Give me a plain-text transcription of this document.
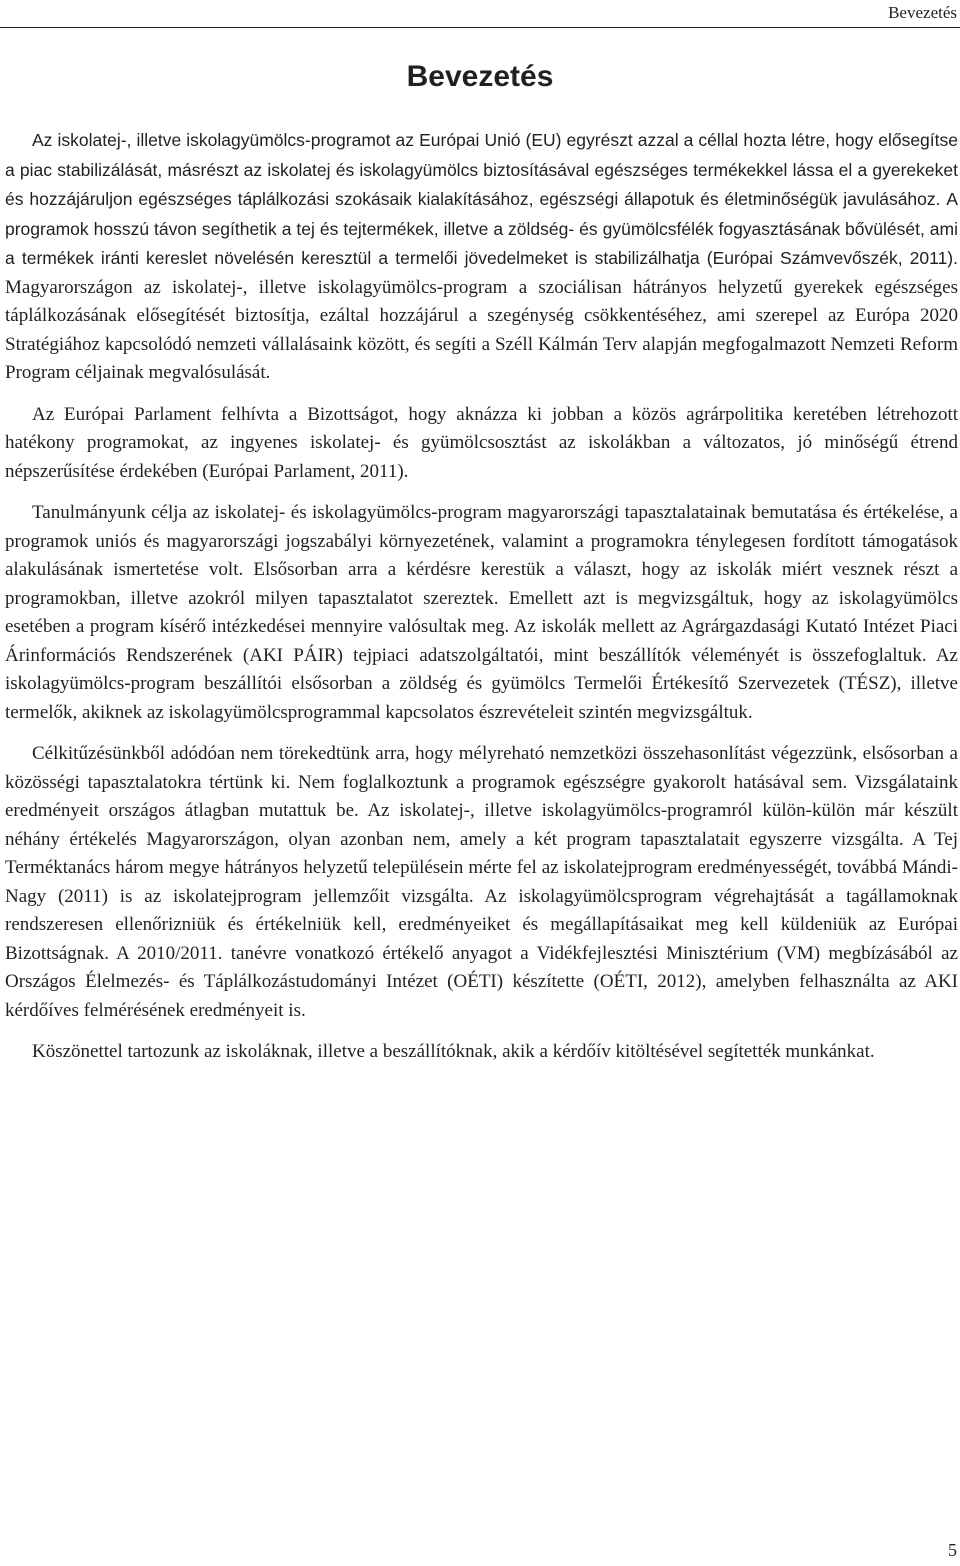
Bevezetés
Bevezetés

Az iskolatej-, illetve iskolagyümölcs-programot az Európai Unió (EU) egyrészt azzal a céllal hozta létre, hogy elősegítse a piac stabilizálását, másrészt az iskolatej és iskolagyümölcs biztosításával egészséges termékekkel lássa el a gyerekeket és hozzájáruljon egészséges táplálkozási szokásaik kialakításához, egészségi állapotuk és életminőségük javulásához. A programok hosszú távon segíthetik a tej és tejtermékek, illetve a zöldség- és gyümölcsfélék fogyasztásának bővülését, ami a termékek iránti kereslet növelésén keresztül a termelői jövedelmeket is stabilizálhatja (Európai Számvevőszék, 2011). Magyarországon az iskolatej-, illetve iskolagyümölcs-program a szociálisan hátrányos helyzetű gyerekek egészséges táplálkozásának elősegítését biztosítja, ezáltal hozzájárul a szegénység csökkentéséhez, ami szerepel az Európa 2020 Stratégiához kapcsolódó nemzeti vállalásaink között, és segíti a Széll Kálmán Terv alapján megfogalmazott Nemzeti Reform Program céljainak megvalósulását.

Az Európai Parlament felhívta a Bizottságot, hogy aknázza ki jobban a közös agrárpolitika keretében létrehozott hatékony programokat, az ingyenes iskolatej- és gyümölcsosztást az iskolákban a változatos, jó minőségű étrend népszerűsítése érdekében (Európai Parlament, 2011).

Tanulmányunk célja az iskolatej- és iskolagyümölcs-program magyarországi tapasztalatainak bemutatása és értékelése, a programok uniós és magyarországi jogszabályi környezetének, valamint a programokra ténylegesen fordított támogatások alakulásának ismertetése volt. Elsősorban arra a kérdésre kerestük a választ, hogy az iskolák miért vesznek részt a programokban, illetve azokról milyen tapasztalatot szereztek. Emellett azt is megvizsgáltuk, hogy az iskolagyümölcs esetében a program kísérő intézkedései mennyire valósultak meg. Az iskolák mellett az Agrárgazdasági Kutató Intézet Piaci Árinformációs Rendszerének (AKI PÁIR) tejpiaci adatszolgáltatói, mint beszállítók véleményét is összefoglaltuk. Az iskolagyümölcs-program beszállítói elsősorban a zöldség és gyümölcs Termelői Értékesítő Szervezetek (TÉSZ), illetve termelők, akiknek az iskolagyümölcsprogrammal kapcsolatos észrevételeit szintén megvizsgáltuk.

Célkitűzésünkből adódóan nem törekedtünk arra, hogy mélyreható nemzetközi összehasonlítást végezzünk, elsősorban a közösségi tapasztalatokra tértünk ki. Nem foglalkoztunk a programok egészségre gyakorolt hatásával sem. Vizsgálataink eredményeit országos átlagban mutattuk be. Az iskolatej-, illetve iskolagyümölcs-programról külön-külön már készült néhány értékelés Magyarországon, olyan azonban nem, amely a két program tapasztalatait egyszerre vizsgálta. A Tej Terméktanács három megye hátrányos helyzetű településein mérte fel az iskolatejprogram eredményességét, továbbá Mándi-Nagy (2011) is az iskolatejprogram jellemzőit vizsgálta. Az iskolagyümölcsprogram végrehajtását a tagállamoknak rendszeresen ellenőrizniük és értékelniük kell, eredményeiket és megállapításaikat meg kell küldeniük az Európai Bizottságnak. A 2010/2011. tanévre vonatkozó értékelő anyagot a Vidékfejlesztési Minisztérium (VM) megbízásából az Országos Élelmezés- és Táplálkozástudományi Intézet (OÉTI) készítette (OÉTI, 2012), amelyben felhasználta az AKI kérdőíves felmérésének eredményeit is.

Köszönettel tartozunk az iskoláknak, illetve a beszállítóknak, akik a kérdőív kitöltésével segítették munkánkat.

5
